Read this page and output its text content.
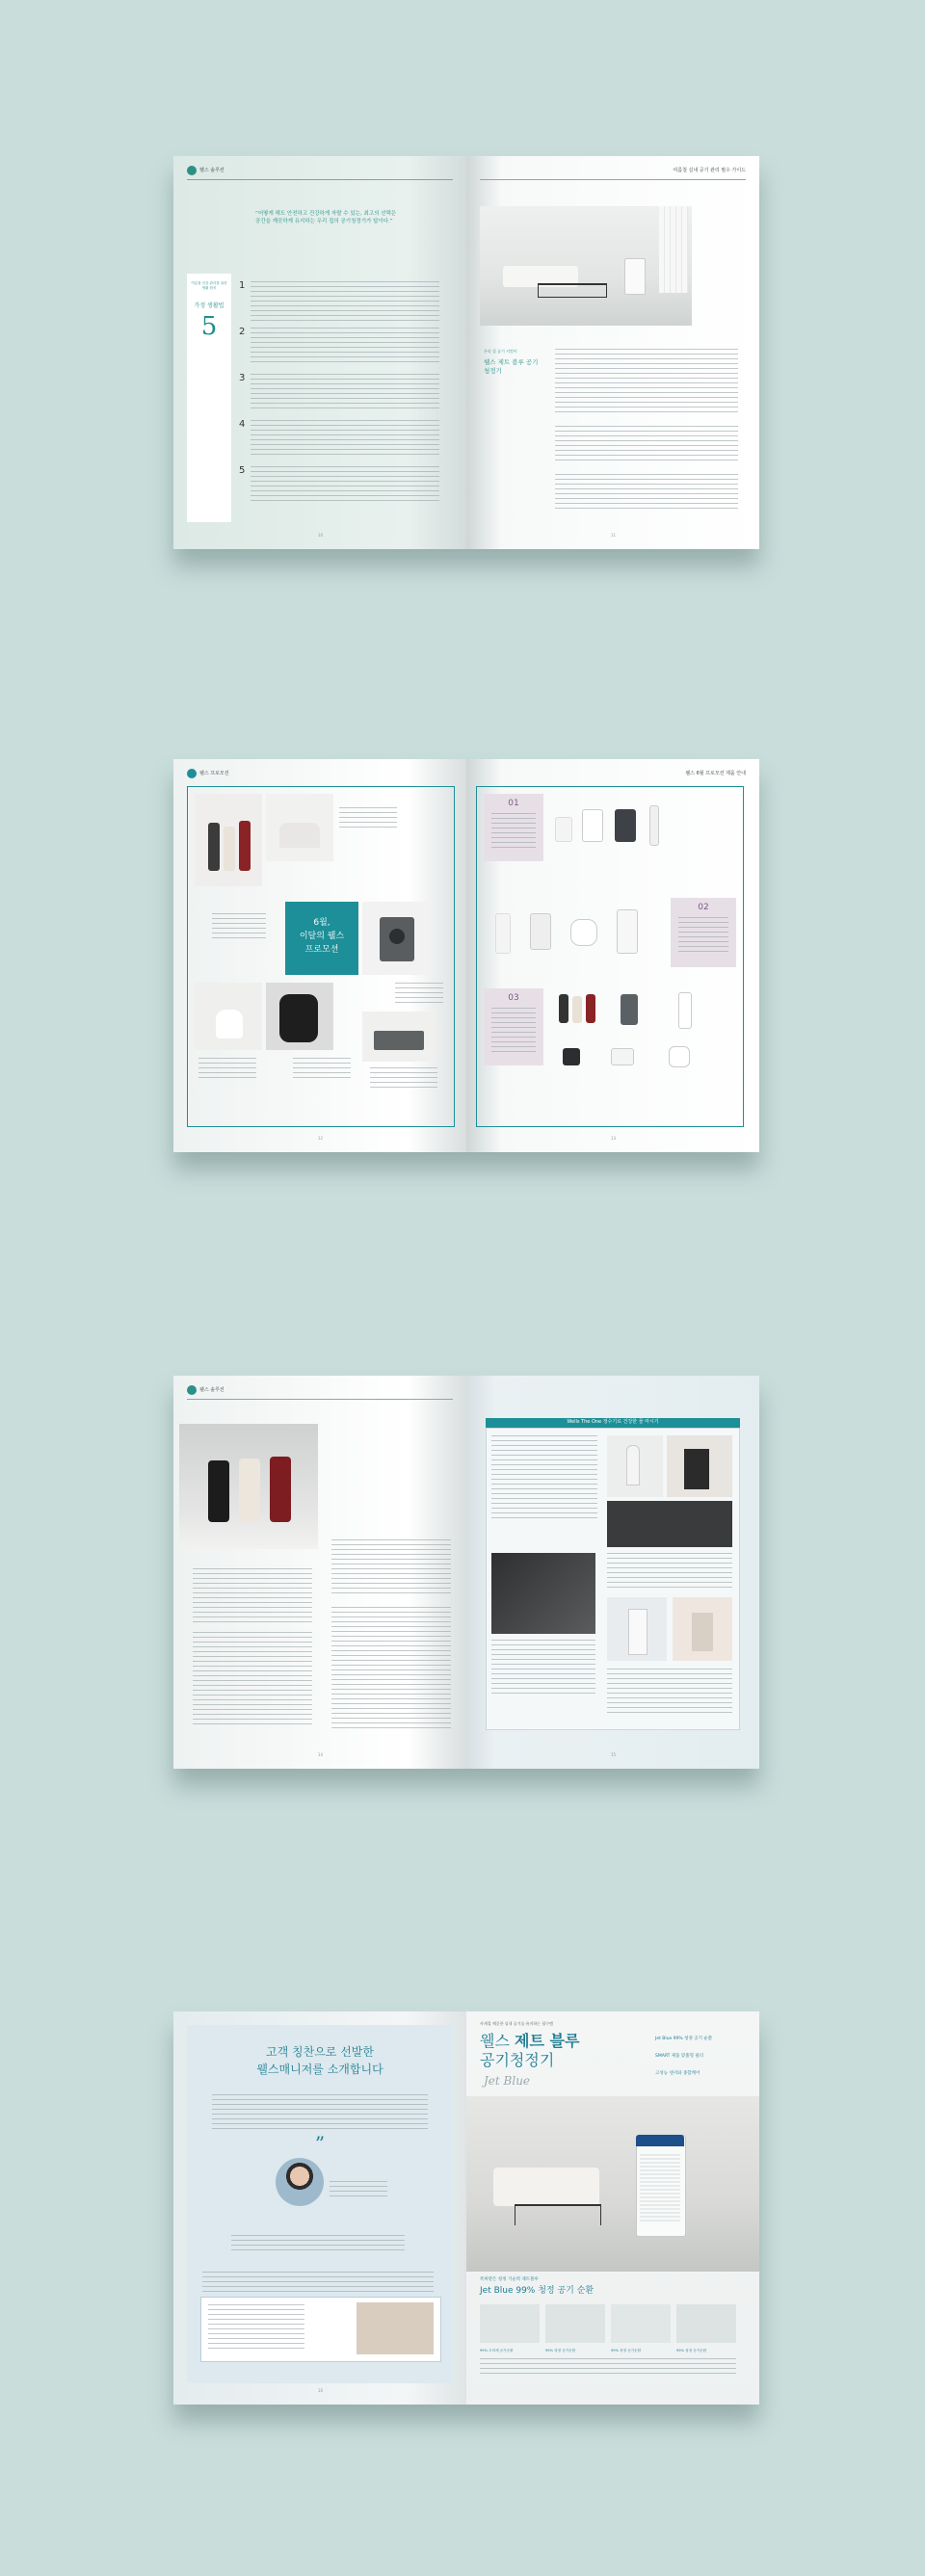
헬스 솔루션
“어떻게 해도 안전하고 건강하게 자랄 수 있는, 최고의 선택은 공간을 깨끗하게 유지하는 우리 집의 공기청정기가 답이다.”
여름철 건강 관리를 위한 생활 원칙
가정 생활법
5
1
2
3
4
5
10
여름철 실내 공기 관리 필수 가이드
우리 집 공기 지킴이
웰스 제트 블루 공기청정기
11
웰스 프로모션
6월,
이달의 웰스
프로모션
12
웰스 6월 프로모션 제품 안내
01
02
03
13
웰스 솔루션
14
Wells The One 정수기로 건강한 물 마시기
15
고객 칭찬으로 선발한
웰스매니저를 소개합니다
”
16
사계절 깨끗한 실내 공기를 유지하는 필수템
웰스 제트 블루
공기청정기
Jet Blue
Jet Blue 99% 청정 공기 순환
SMART 제품 맞춤형 필터
고성능 센서와 종합케어
특허받은 청정 기술력 제트블루
Jet Blue 99% 청정 공기 순환
99% 초미세 공기순환	99% 청정 공기순환	99% 청정 공기순환	99% 청정 공기순환
